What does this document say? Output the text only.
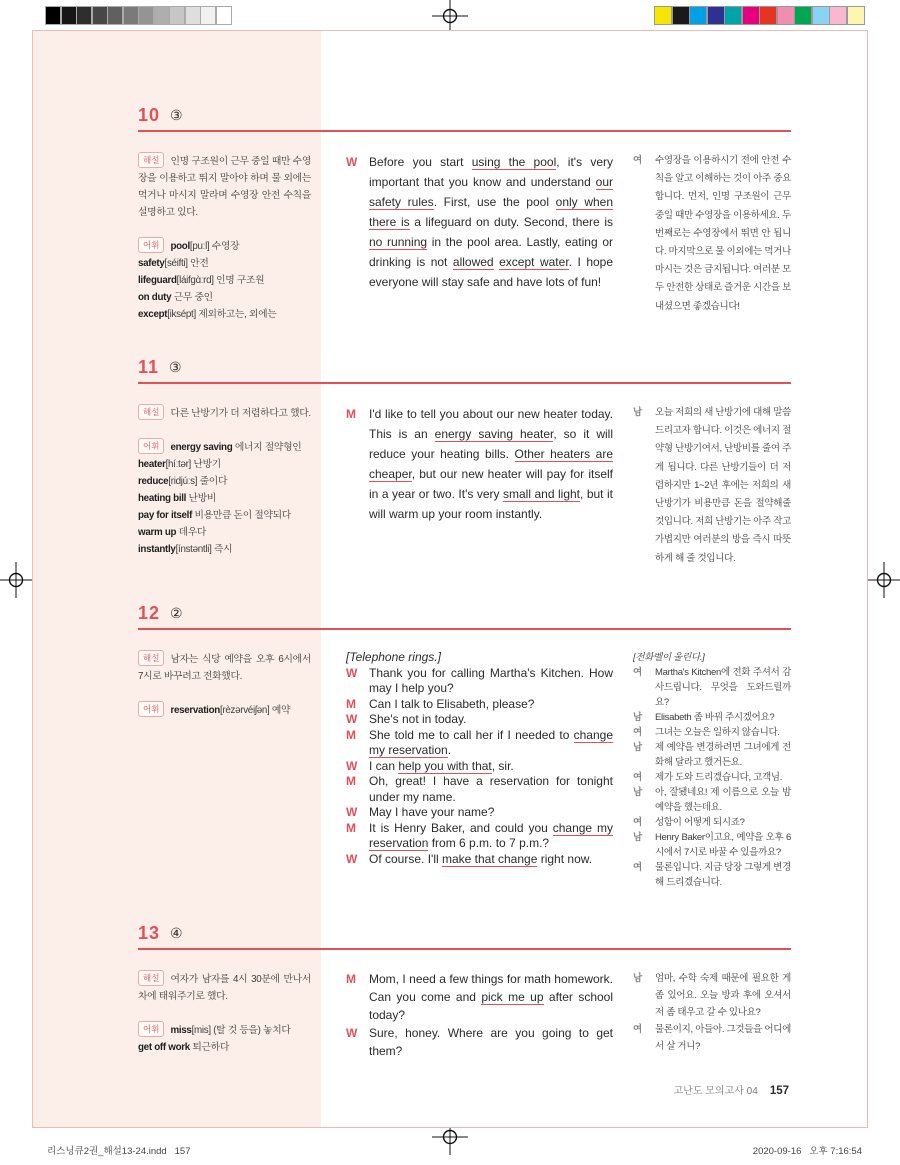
10 ③
해설 인명 구조원이 근무 중일 때만 수영장을 이용하고 뛰지 말아야 하며 물 외에는 먹거나 마시지 말라며 수영장 안전 수칙을 설명하고 있다.
어휘 pool[puːl] 수영장
safety[séifti] 안전
lifeguard[láifgɑ̀ːrd] 인명 구조원
on duty 근무 중인
except[iksépt] 제외하고는, 외에는
W Before you start using the pool, it's very important that you know and understand our safety rules. First, use the pool only when there is a lifeguard on duty. Second, there is no running in the pool area. Lastly, eating or drinking is not allowed except water. I hope everyone will stay safe and have lots of fun!
여	수영장을 이용하시기 전에 안전 수칙을 알고 이해하는 것이 아주 중요합니다. 먼저, 인명 구조원이 근무 중일 때만 수영장을 이용하세요. 두 번째로는 수영장에서 뛰면 안 됩니다. 마지막으로 물 이외에는 먹거나 마시는 것은 금지됩니다. 여러분 모두 안전한 상태로 즐거운 시간을 보내셨으면 좋겠습니다!
11 ③
해설 다른 난방기가 더 저렴하다고 했다.
어휘 energy saving 에너지 절약형인
heater[híːtər] 난방기
reduce[ridjúːs] 줄이다
heating bill 난방비
pay for itself 비용만큼 돈이 절약되다
warm up 데우다
instantly[ínstəntli] 즉시
M	I'd like to tell you about our new heater today. This is an energy saving heater, so it will reduce your heating bills. Other heaters are cheaper, but our new heater will pay for itself in a year or two. It's very small and light, but it will warm up your room instantly.
남	오늘 저희의 새 난방기에 대해 말씀드리고자 합니다. 이것은 에너지 절약형 난방기여서, 난방비를 줄여 주게 됩니다. 다른 난방기들이 더 저렴하지만 1~2년 후에는 저희의 새 난방기가 비용만큼 돈을 절약해줄 것입니다. 저희 난방기는 아주 작고 가볍지만 여러분의 방을 즉시 따뜻하게 해 줄 것입니다.
12 ②
해설 남자는 식당 예약을 오후 6시에서 7시로 바꾸려고 전화했다.
어휘 reservation[rèzərvéiʃən] 예약
[Telephone rings.]
W Thank you for calling Martha's Kitchen. How may I help you?
M	Can I talk to Elisabeth, please?
W She's not in today.
M	She told me to call her if I needed to change my reservation.
W I can help you with that, sir.
M	Oh, great! I have a reservation for tonight under my name.
W May I have your name?
M	It is Henry Baker, and could you change my reservation from 6 p.m. to 7 p.m.?
W Of course. I'll make that change right now.
[전화벨이 울린다.]
여	Martha's Kitchen에 전화 주셔서 감사드립니다. 무엇을 도와드릴까요?
남	Elisabeth 좀 바꿔 주시겠어요?
여	그녀는 오늘은 일하지 않습니다.
남	제 예약을 변경하려면 그녀에게 전화해 달라고 했거든요.
여	제가 도와 드리겠습니다, 고객님.
남	아, 잘됐네요! 제 이름으로 오늘 밤 예약을 했는데요.
여	성함이 어떻게 되시죠?
남	Henry Baker이고요, 예약을 오후 6시에서 7시로 바꿀 수 있을까요?
여	물론입니다. 지금 당장 그렇게 변경해 드리겠습니다.
13 ④
해설 여자가 남자를 4시 30분에 만나서 차에 태워주기로 했다.
어휘 miss[mis] (탈 것 등을) 놓치다
get off work 퇴근하다
M	Mom, I need a few things for math homework. Can you come and pick me up after school today?
W Sure, honey. Where are you going to get them?
남	엄마, 수학 숙제 때문에 필요한 게 좀 있어요. 오늘 방과 후에 오셔서 저 좀 태우고 갈 수 있나요?
여	물론이지, 아들아. 그것들을 어디에서 살 거니?
고난도 모의고사 04 157
리스닝큐2권_해설13-24.indd   157	2020-09-16   오후 7:16:54
